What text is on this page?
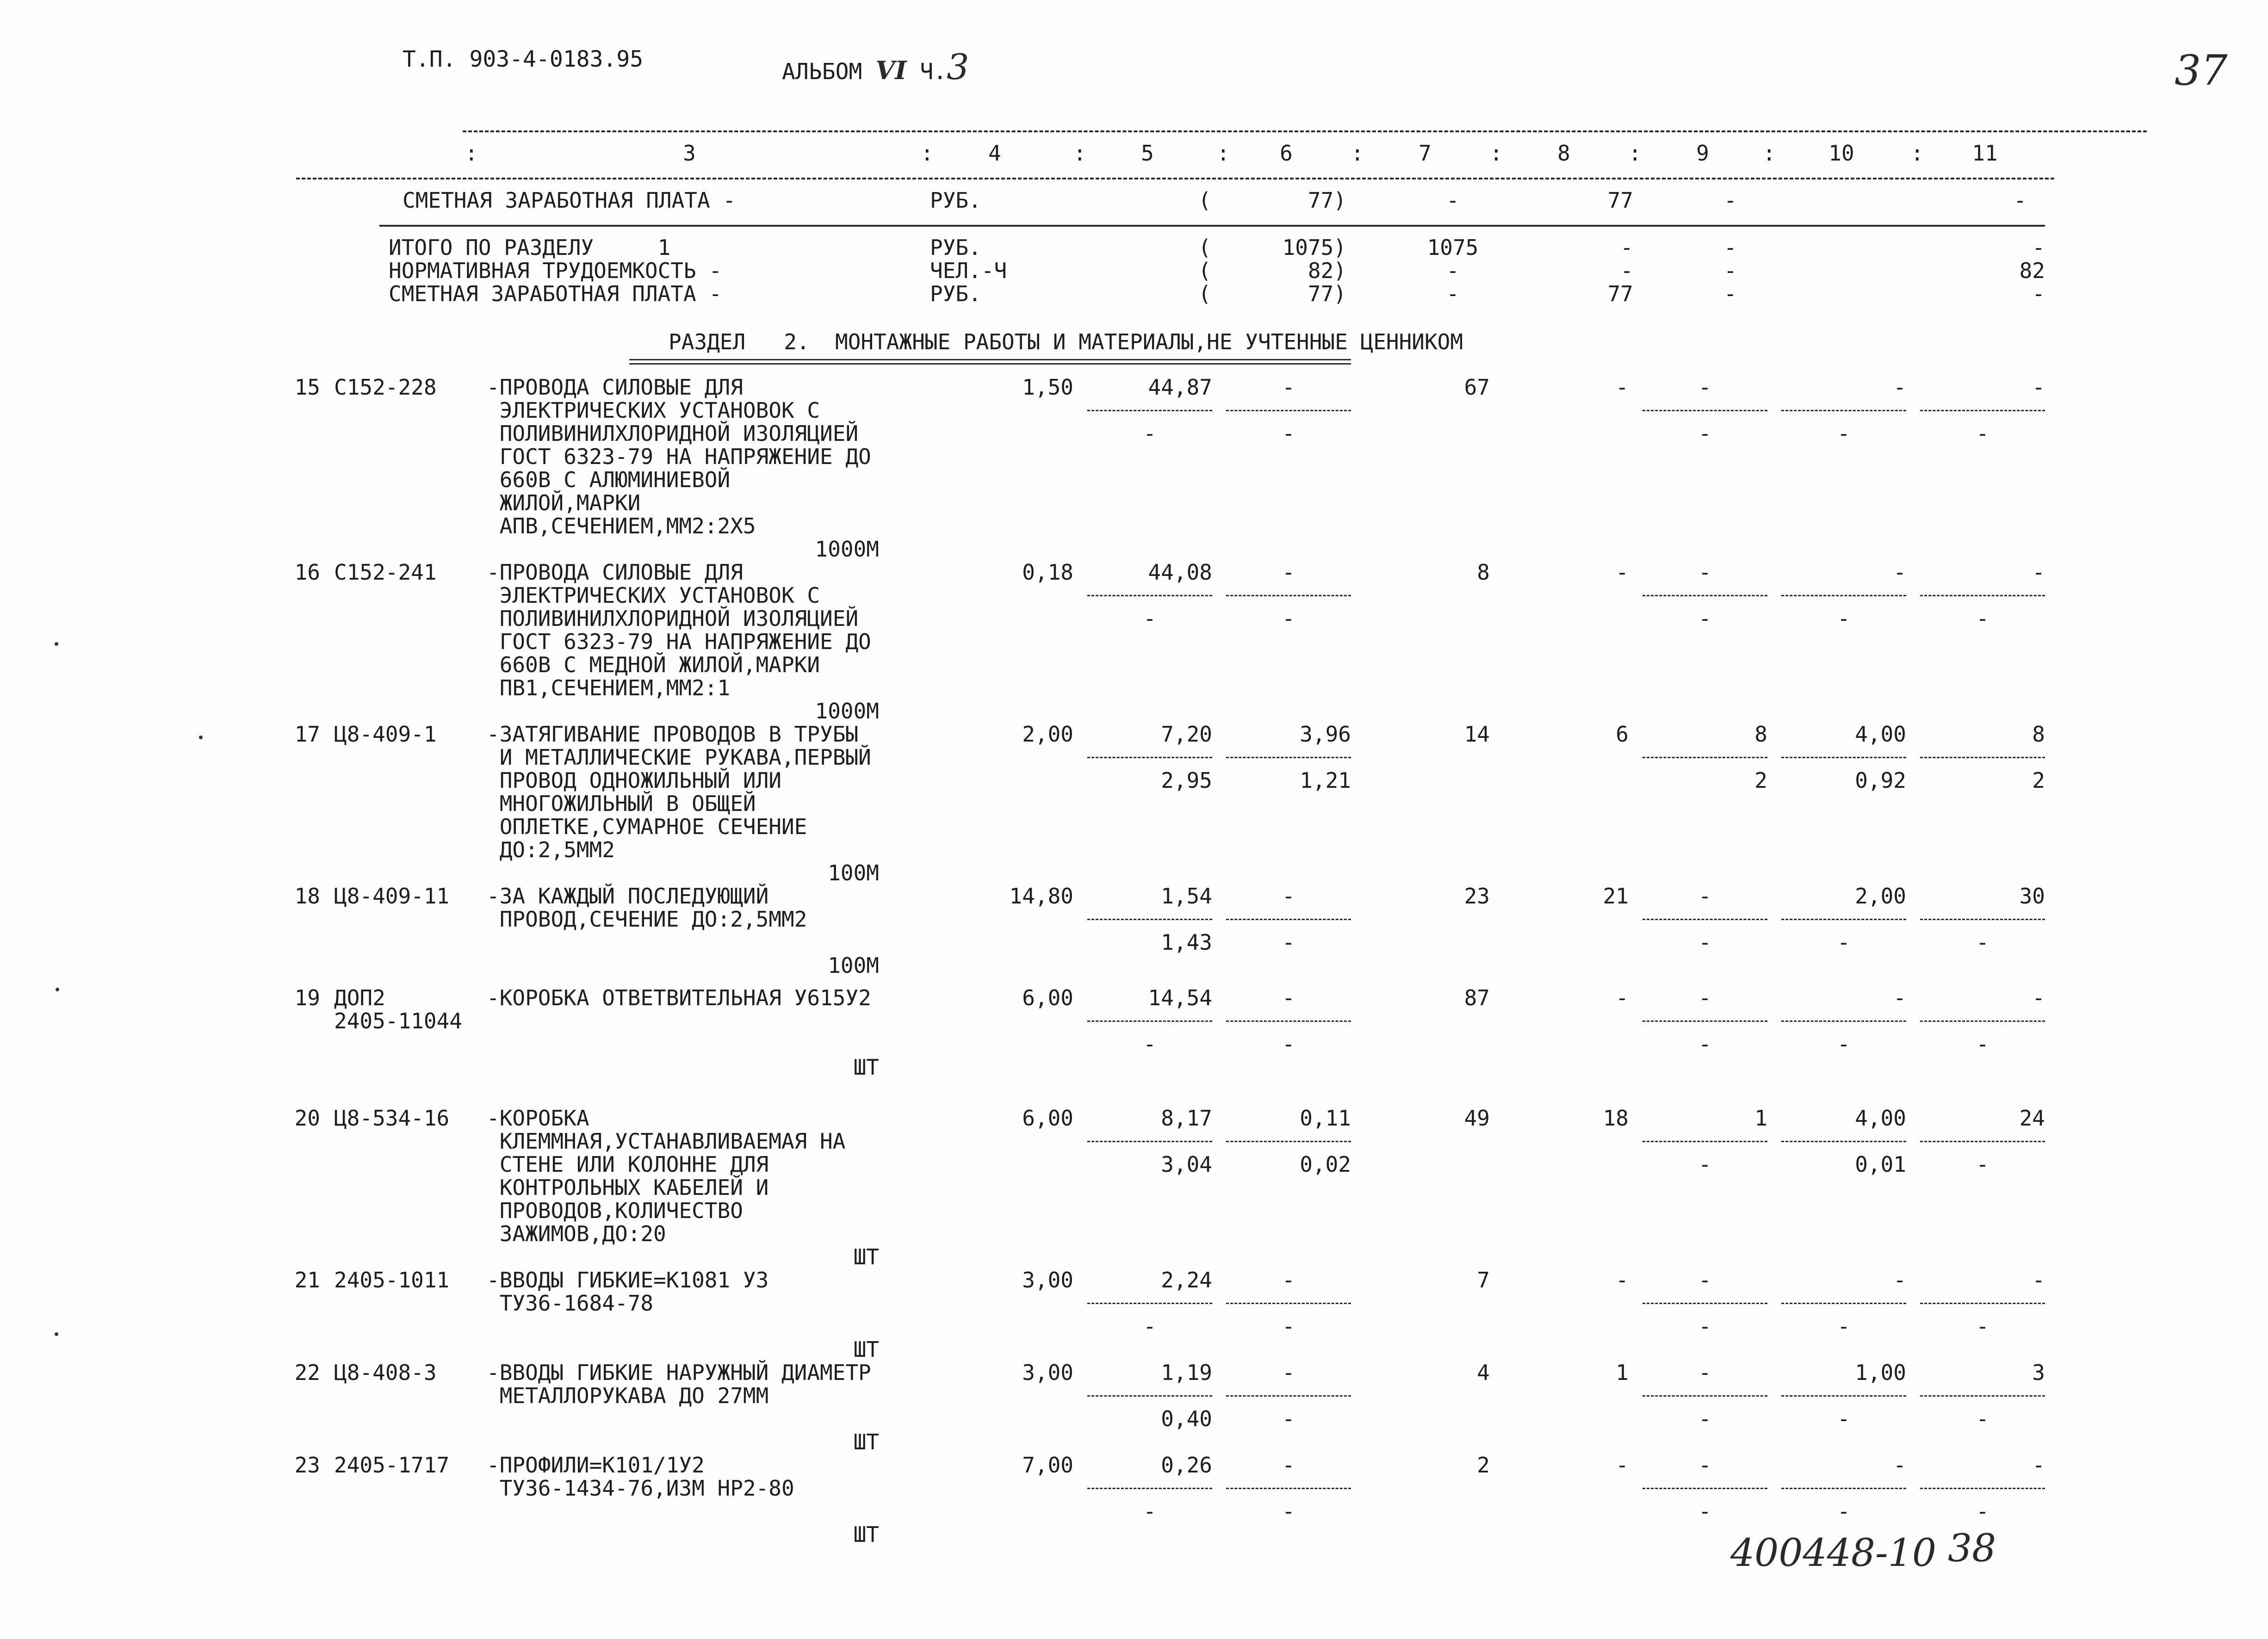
Т.П. 903-4-0183.95	АЛЬБОМ VI Ч.3	37
3	4	5	6	7	8	9	10	11
:	:	:	:	:	:	:	:	:
СМЕТНАЯ ЗАРАБОТНАЯ ПЛАТА -	РУБ.	(	77)	-	77	-	-
ИТОГО ПО РАЗДЕЛУ     1	РУБ.	(	1075)	1075	-	-	-
НОРМАТИВНАЯ ТРУДОЕМКОСТЬ -	ЧЕЛ.-Ч	(	82)	-	-	-	82
СМЕТНАЯ ЗАРАБОТНАЯ ПЛАТА -	РУБ.	(	77)	-	77	-	-
РАЗДЕЛ   2.  МОНТАЖНЫЕ РАБОТЫ И МАТЕРИАЛЫ,НЕ УЧТЕННЫЕ ЦЕННИКОМ
15 С152-228 -ПРОВОДА СИЛОВЫЕ ДЛЯ
ЭЛЕКТРИЧЕСКИХ УСТАНОВОК С
ПОЛИВИНИЛХЛОРИДНОЙ ИЗОЛЯЦИЕЙ
ГОСТ 6323-79 НА НАПРЯЖЕНИЕ ДО
660В С АЛЮМИНИЕВОЙ
ЖИЛОЙ,МАРКИ
АПВ,СЕЧЕНИЕМ,ММ2:2Х5
1,50	44,87	-	67	-	-	-	-
-	-	-	-	-
1000М
16 С152-241 -ПРОВОДА СИЛОВЫЕ ДЛЯ
ЭЛЕКТРИЧЕСКИХ УСТАНОВОК С
ПОЛИВИНИЛХЛОРИДНОЙ ИЗОЛЯЦИЕЙ
ГОСТ 6323-79 НА НАПРЯЖЕНИЕ ДО
660В С МЕДНОЙ ЖИЛОЙ,МАРКИ
ПВ1,СЕЧЕНИЕМ,ММ2:1
0,18	44,08	-	8	-	-	-	-
-	-	-	-	-
1000М
17 Ц8-409-1 -ЗАТЯГИВАНИЕ ПРОВОДОВ В ТРУБЫ
И МЕТАЛЛИЧЕСКИЕ РУКАВА,ПЕРВЫЙ
ПРОВОД ОДНОЖИЛЬНЫЙ ИЛИ
МНОГОЖИЛЬНЫЙ В ОБЩЕЙ
ОПЛЕТКЕ,СУМАРНОЕ СЕЧЕНИЕ
ДО:2,5ММ2
2,00	7,20	3,96	14	6	8	4,00	8
2,95	1,21	2	0,92	2
100М
18 Ц8-409-11 -ЗА КАЖДЫЙ ПОСЛЕДУЮЩИЙ
ПРОВОД,СЕЧЕНИЕ ДО:2,5ММ2
14,80	1,54	-	23	21	-	2,00	30
1,43	-	-	-	-
100М
19 ДОП2
2405-11044
-КОРОБКА ОТВЕТВИТЕЛЬНАЯ У615У2	6,00	14,54	-	87	-	-	-	-
-	-	-	-	-
ШТ
20 Ц8-534-16 -КОРОБКА
КЛЕММНАЯ,УСТАНАВЛИВАЕМАЯ НА
СТЕНЕ ИЛИ КОЛОННЕ ДЛЯ
КОНТРОЛЬНЫХ КАБЕЛЕЙ И
ПРОВОДОВ,КОЛИЧЕСТВО
ЗАЖИМОВ,ДО:20
6,00	8,17	0,11	49	18	1	4,00	24
3,04	0,02	-	0,01	-
ШТ
21 2405-1011 -ВВОДЫ ГИБКИЕ=К1081 У3
ТУ36-1684-78
3,00	2,24	-	7	-	-	-	-
-	-	-	-	-
ШТ
22 Ц8-408-3 -ВВОДЫ ГИБКИЕ НАРУЖНЫЙ ДИАМЕТР
МЕТАЛЛОРУКАВА ДО 27ММ
3,00	1,19	-	4	1	-	1,00	3
0,40	-	-	-	-
ШТ
23 2405-1717 -ПРОФИЛИ=К101/1У2
ТУ36-1434-76,ИЗМ НР2-80
7,00	0,26	-	2	-	-	-	-
-	-	-	-	-
ШТ	400448-10 38
